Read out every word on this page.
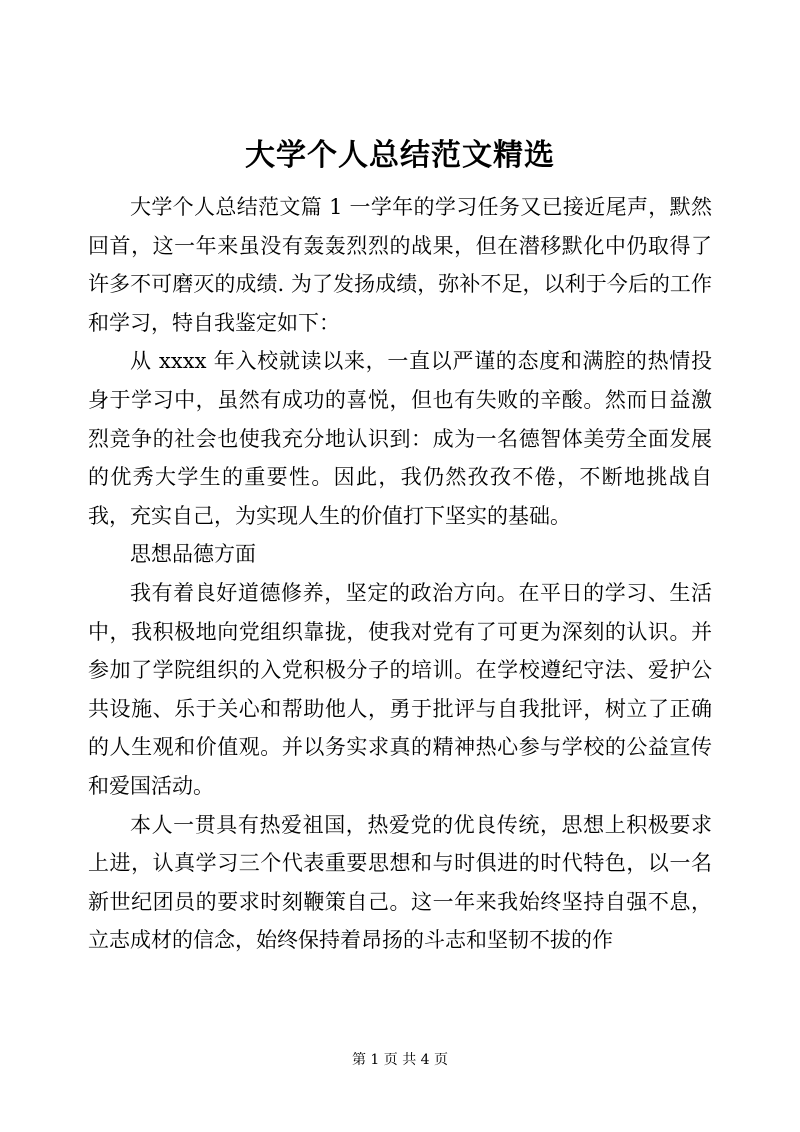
大学个人总结范文精选

大学个人总结范文篇 1 一学年的学习任务又已接近尾声，默然回首，这一年来虽没有轰轰烈烈的战果，但在潜移默化中仍取得了许多不可磨灭的成绩. 为了发扬成绩，弥补不足，以利于今后的工作和学习，特自我鉴定如下：

从 xxxx 年入校就读以来，一直以严谨的态度和满腔的热情投身于学习中，虽然有成功的喜悦，但也有失败的辛酸。然而日益激烈竞争的社会也使我充分地认识到：成为一名德智体美劳全面发展的优秀大学生的重要性。因此，我仍然孜孜不倦，不断地挑战自我，充实自己，为实现人生的价值打下坚实的基础。

思想品德方面

我有着良好道德修养，坚定的政治方向。在平日的学习、生活中，我积极地向党组织靠拢，使我对党有了可更为深刻的认识。并参加了学院组织的入党积极分子的培训。在学校遵纪守法、爱护公共设施、乐于关心和帮助他人，勇于批评与自我批评，树立了正确的人生观和价值观。并以务实求真的精神热心参与学校的公益宣传和爱国活动。

本人一贯具有热爱祖国，热爱党的优良传统，思想上积极要求上进，认真学习三个代表重要思想和与时俱进的时代特色，以一名新世纪团员的要求时刻鞭策自己。这一年来我始终坚持自强不息，立志成材的信念，始终保持着昂扬的斗志和坚韧不拔的作

第 1 页 共 4 页
